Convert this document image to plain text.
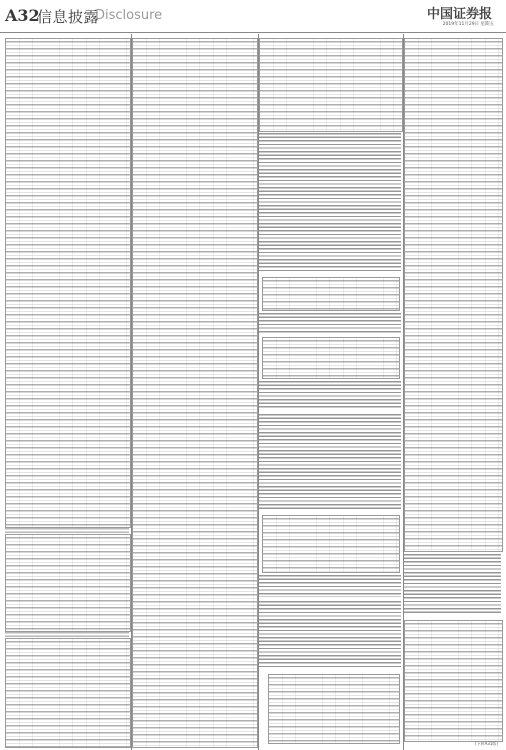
A32
信息披露
Disclosure	中国证券报
2019年11月29日 星期五
(下转A31版)
